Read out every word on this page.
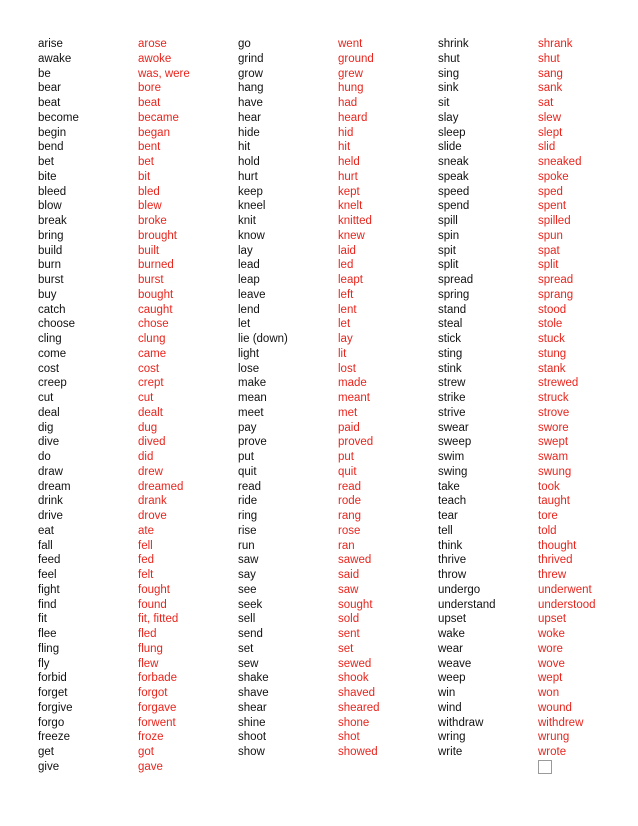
arise
awake
be
bear
beat
become
begin
bend
bet
bite
bleed
blow
break
bring
build
burn
burst
buy
catch
choose
cling
come
cost
creep
cut
deal
dig
dive
do
draw
dream
drink
drive
eat
fall
feed
feel
fight
find
fit
flee
fling
fly
forbid
forget
forgive
forgo
freeze
get
give
arose
awoke
was, were
bore
beat
became
began
bent
bet
bit
bled
blew
broke
brought
built
burned
burst
bought
caught
chose
clung
came
cost
crept
cut
dealt
dug
dived
did
drew
dreamed
drank
drove
ate
fell
fed
felt
fought
found
fit, fitted
fled
flung
flew
forbade
forgot
forgave
forwent
froze
got
gave
go
grind
grow
hang
have
hear
hide
hit
hold
hurt
keep
kneel
knit
know
lay
lead
leap
leave
lend
let
lie (down)
light
lose
make
mean
meet
pay
prove
put
quit
read
ride
ring
rise
run
saw
say
see
seek
sell
send
set
sew
shake
shave
shear
shine
shoot
show
went
ground
grew
hung
had
heard
hid
hit
held
hurt
kept
knelt
knitted
knew
laid
led
leapt
left
lent
let
lay
lit
lost
made
meant
met
paid
proved
put
quit
read
rode
rang
rose
ran
sawed
said
saw
sought
sold
sent
set
sewed
shook
shaved
sheared
shone
shot
showed
shrink
shut
sing
sink
sit
slay
sleep
slide
sneak
speak
speed
spend
spill
spin
spit
split
spread
spring
stand
steal
stick
sting
stink
strew
strike
strive
swear
sweep
swim
swing
take
teach
tear
tell
think
thrive
throw
undergo
understand
upset
wake
wear
weave
weep
win
wind
withdraw
wring
write
shrank
shut
sang
sank
sat
slew
slept
slid
sneaked
spoke
sped
spent
spilled
spun
spat
split
spread
sprang
stood
stole
stuck
stung
stank
strewed
struck
strove
swore
swept
swam
swung
took
taught
tore
told
thought
thrived
threw
underwent
understood
upset
woke
wore
wove
wept
won
wound
withdrew
wrung
wrote
